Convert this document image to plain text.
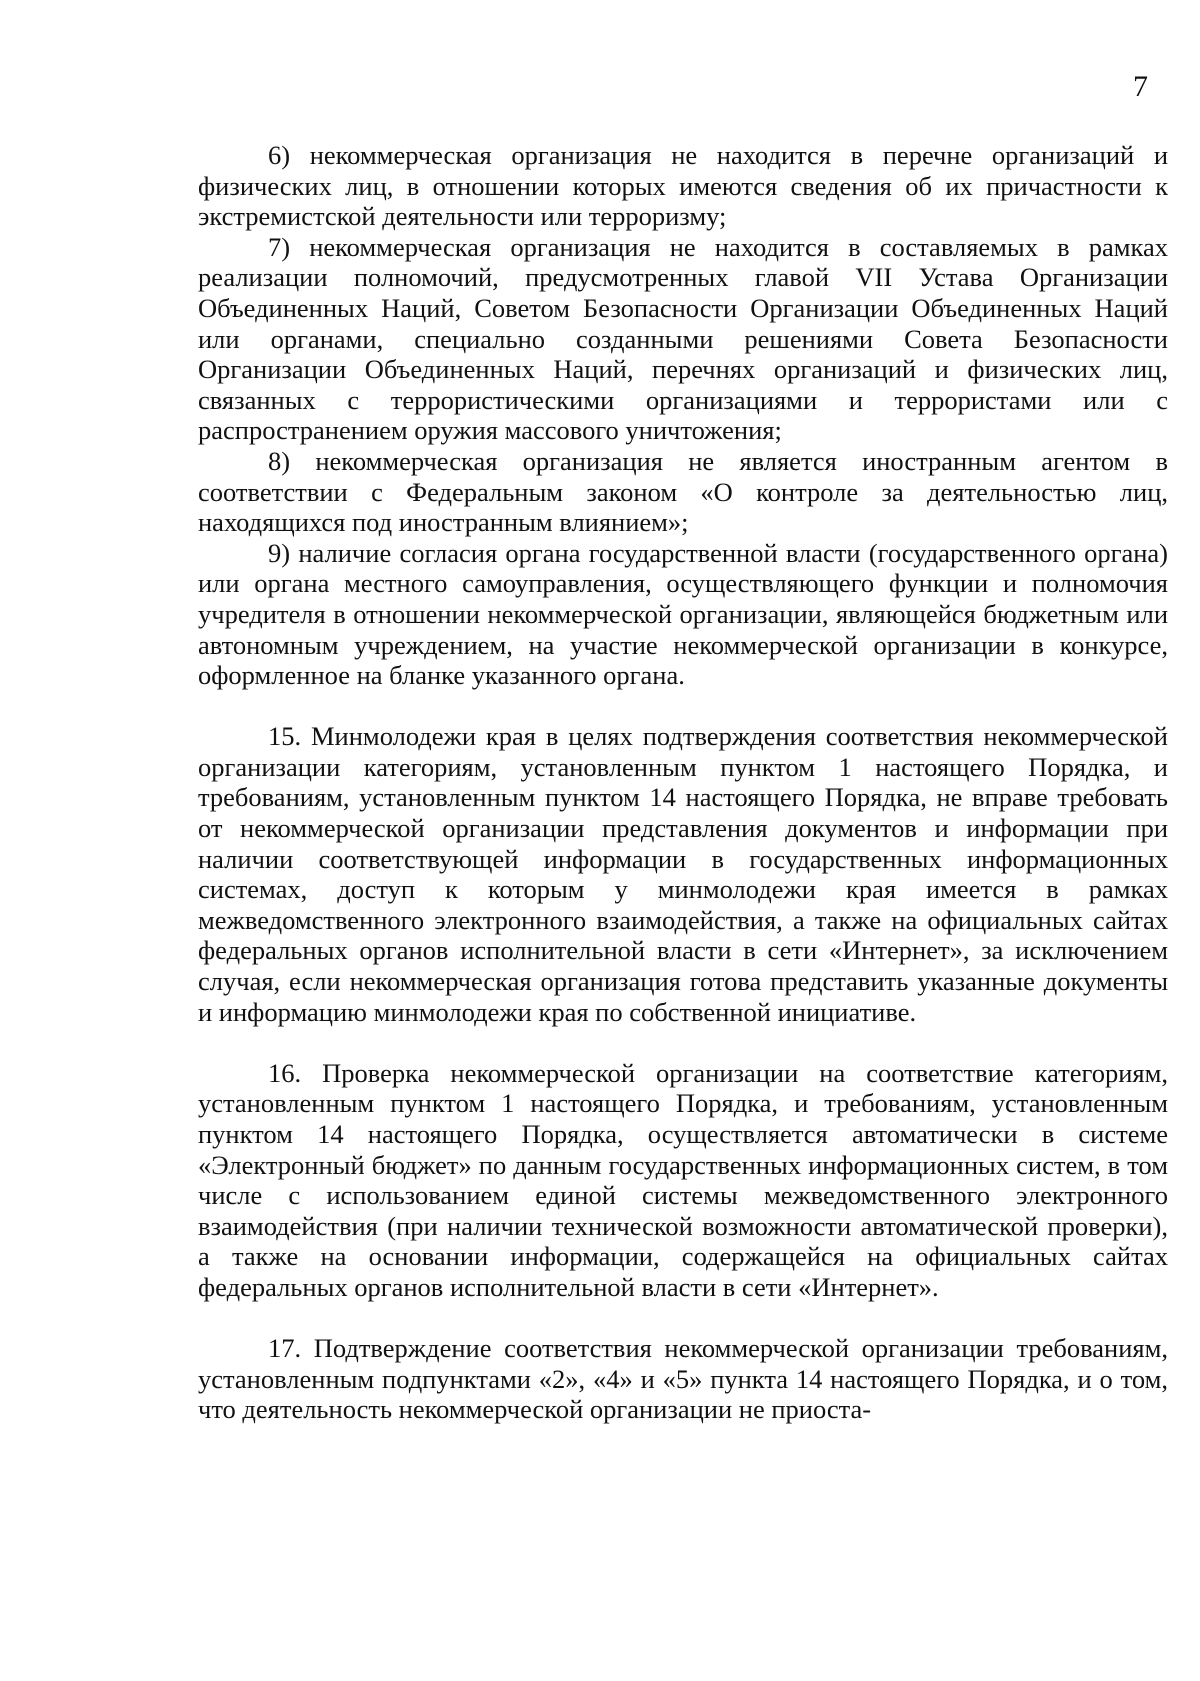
7

6) некоммерческая организация не находится в перечне организаций и физических лиц, в отношении которых имеются сведения об их причастности к экстремистской деятельности или терроризму;

7) некоммерческая организация не находится в составляемых в рамках реализации полномочий, предусмотренных главой VII Устава Организации Объединенных Наций, Советом Безопасности Организации Объединенных Наций или органами, специально созданными решениями Совета Безопасности Организации Объединенных Наций, перечнях организаций и физических лиц, связанных с террористическими организациями и террористами или с распространением оружия массового уничтожения;

8) некоммерческая организация не является иностранным агентом в соответствии с Федеральным законом «О контроле за деятельностью лиц, находящихся под иностранным влиянием»;

9) наличие согласия органа государственной власти (государственного органа) или органа местного самоуправления, осуществляющего функции и полномочия учредителя в отношении некоммерческой организации, являющейся бюджетным или автономным учреждением, на участие некоммерческой организации в конкурсе, оформленное на бланке указанного органа.

15. Минмолодежи края в целях подтверждения соответствия некоммерческой организации категориям, установленным пунктом 1 настоящего Порядка, и требованиям, установленным пунктом 14 настоящего Порядка, не вправе требовать от некоммерческой организации представления документов и информации при наличии соответствующей информации в государственных информационных системах, доступ к которым у минмолодежи края имеется в рамках межведомственного электронного взаимодействия, а также на официальных сайтах федеральных органов исполнительной власти в сети «Интернет», за исключением случая, если некоммерческая организация готова представить указанные документы и информацию минмолодежи края по собственной инициативе.

16. Проверка некоммерческой организации на соответствие категориям, установленным пунктом 1 настоящего Порядка, и требованиям, установленным пунктом 14 настоящего Порядка, осуществляется автоматически в системе «Электронный бюджет» по данным государственных информационных систем, в том числе с использованием единой системы межведомственного электронного взаимодействия (при наличии технической возможности автоматической проверки), а также на основании информации, содержащейся на официальных сайтах федеральных органов исполнительной власти в сети «Интернет».

17. Подтверждение соответствия некоммерческой организации требованиям, установленным подпунктами «2», «4» и «5» пункта 14 настоящего Порядка, и о том, что деятельность некоммерческой организации не приоста-
